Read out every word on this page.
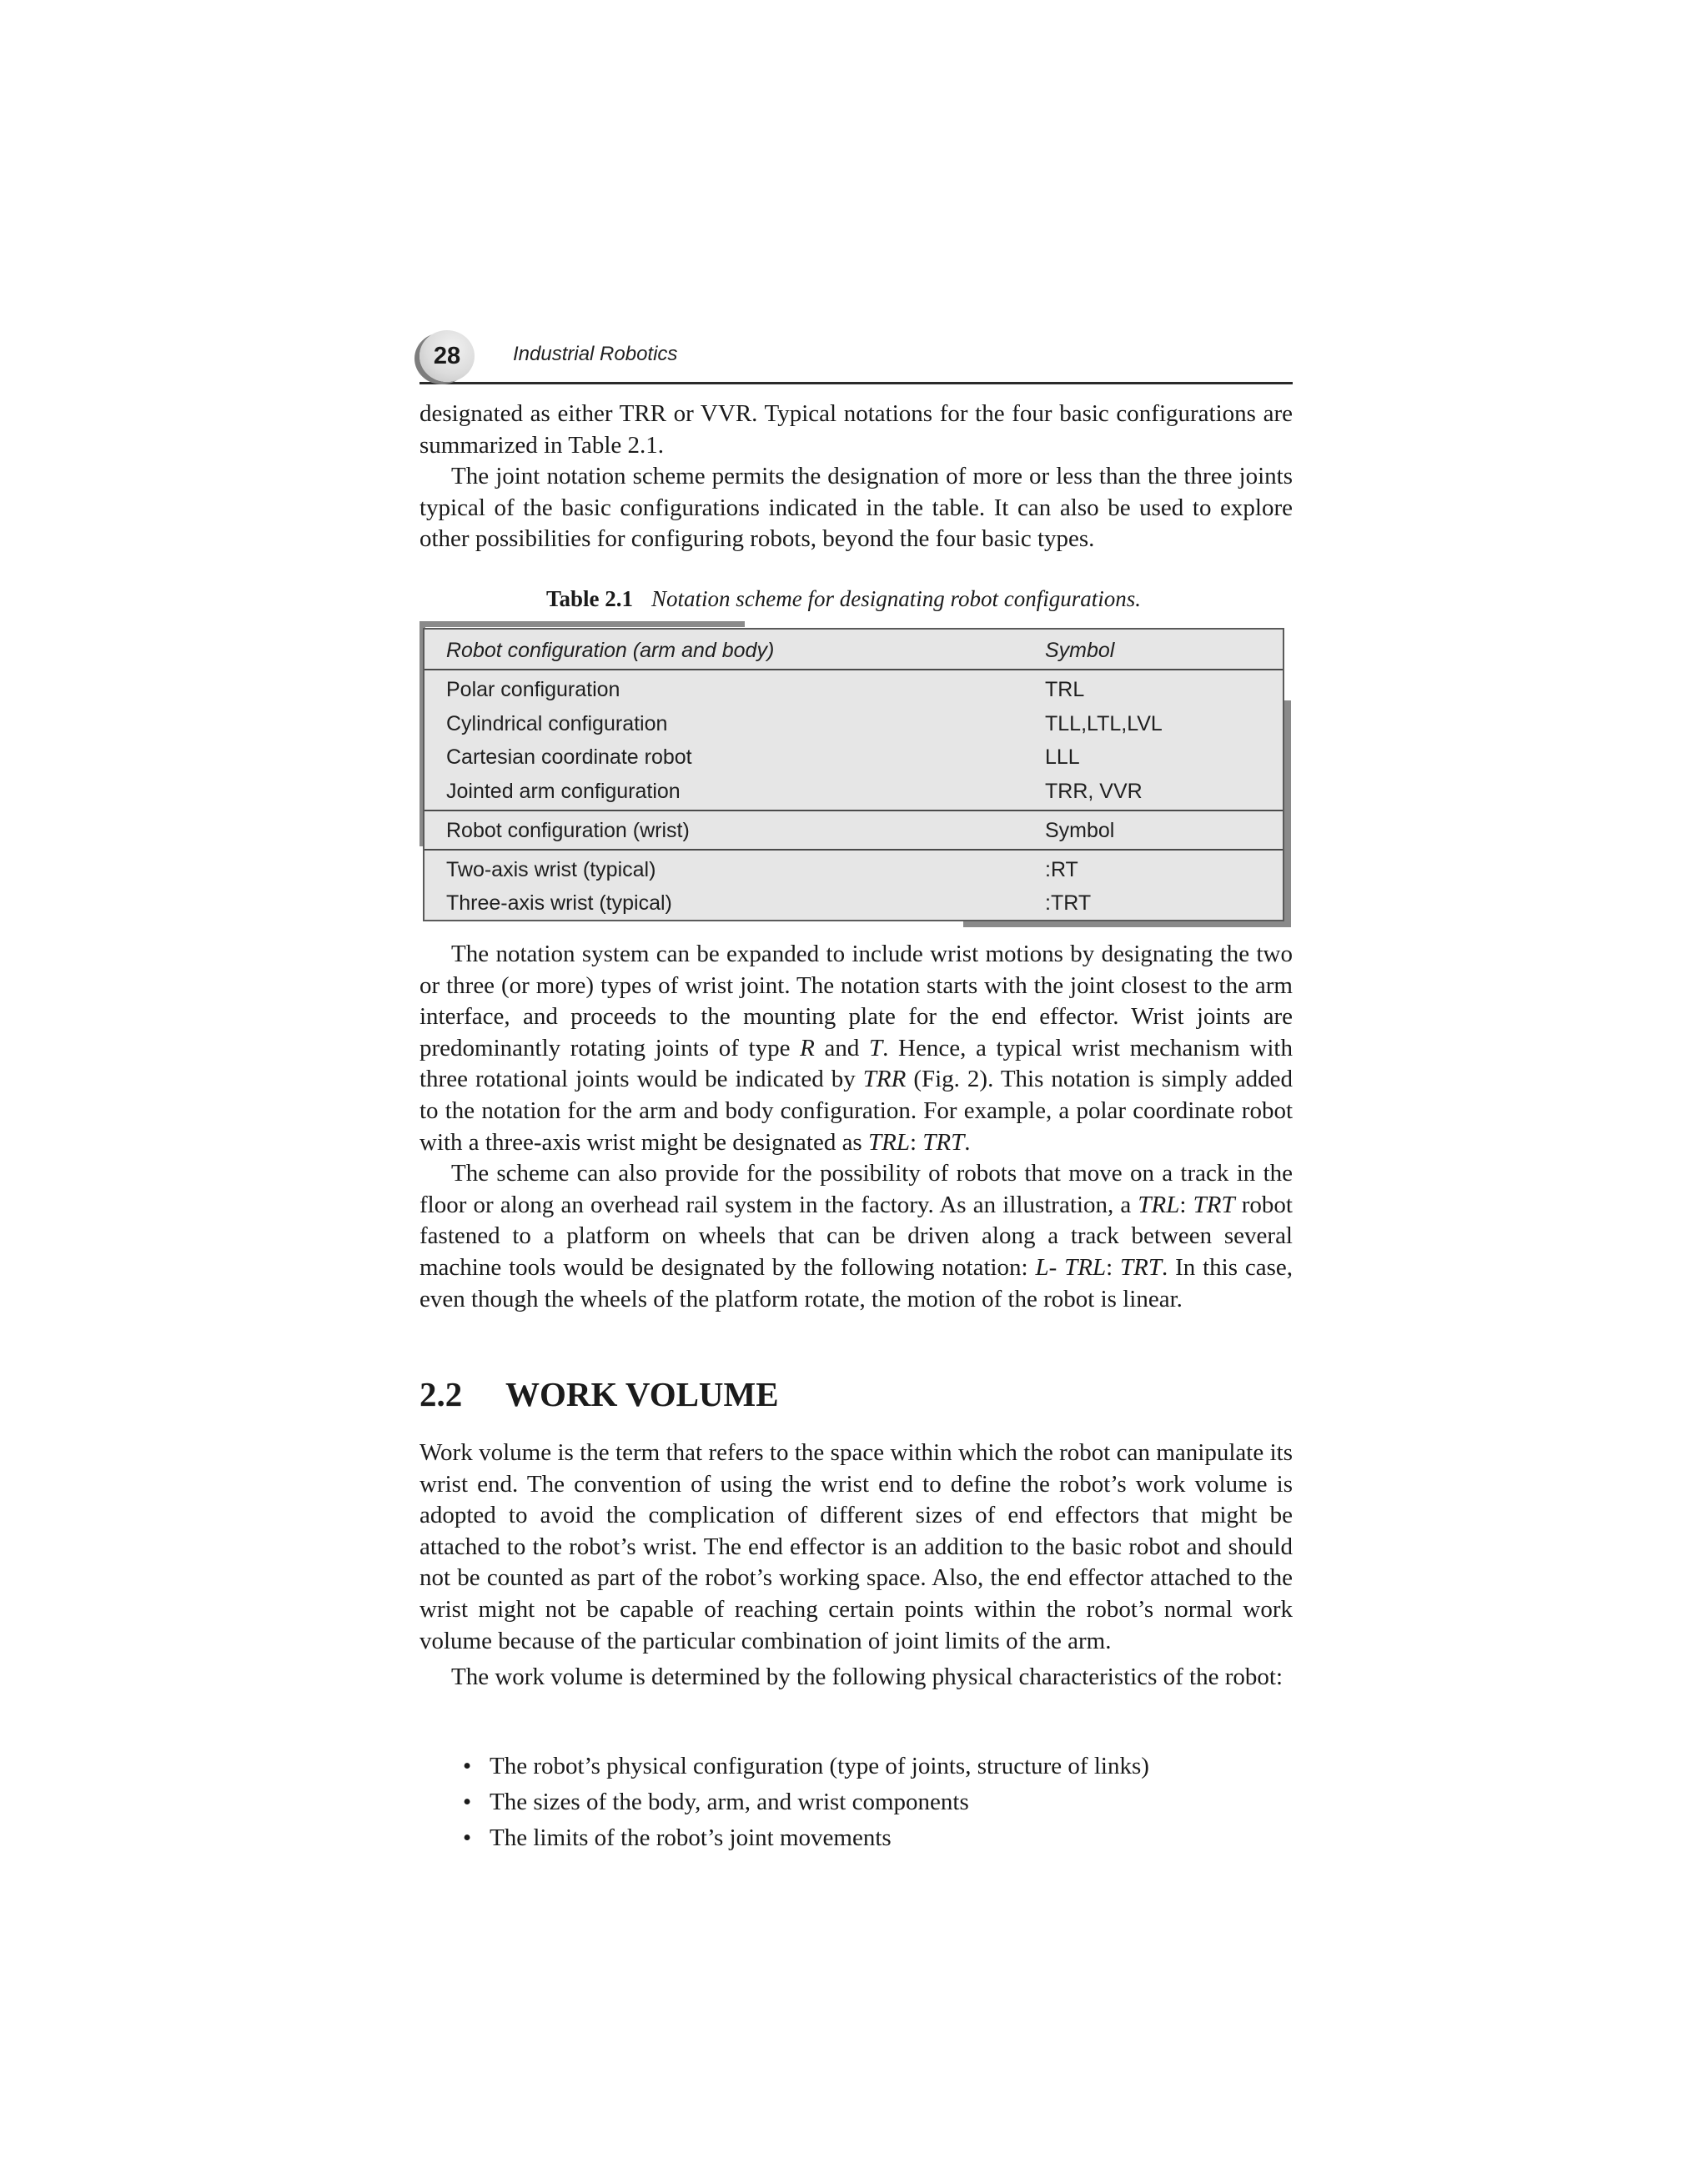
28	Industrial Robotics

designated as either TRR or VVR. Typical notations for the four basic configurations are summarized in Table 2.1.

The joint notation scheme permits the designation of more or less than the three joints typical of the basic configurations indicated in the table. It can also be used to explore other possibilities for configuring robots, beyond the four basic types.

Table 2.1 Notation scheme for designating robot configurations.
Robot configuration (arm and body)	Symbol
Polar configuration	TRL
Cylindrical configuration	TLL,LTL,LVL
Cartesian coordinate robot	LLL
Jointed arm configuration	TRR, VVR
Robot configuration (wrist)	Symbol
Two-axis wrist (typical)	:RT
Three-axis wrist (typical)	:TRT

The notation system can be expanded to include wrist motions by designating the two or three (or more) types of wrist joint. The notation starts with the joint closest to the arm interface, and proceeds to the mounting plate for the end effector. Wrist joints are predominantly rotating joints of type R and T. Hence, a typical wrist mechanism with three rotational joints would be indicated by TRR (Fig. 2). This notation is simply added to the notation for the arm and body configuration. For example, a polar coordinate robot with a three-axis wrist might be designated as TRL: TRT.

The scheme can also provide for the possibility of robots that move on a track in the floor or along an overhead rail system in the factory. As an illustration, a TRL: TRT robot fastened to a platform on wheels that can be driven along a track between several machine tools would be designated by the following notation: L- TRL: TRT. In this case, even though the wheels of the platform rotate, the motion of the robot is linear.

2.2 WORK VOLUME

Work volume is the term that refers to the space within which the robot can manipulate its wrist end. The convention of using the wrist end to define the robot’s work volume is adopted to avoid the complication of different sizes of end effectors that might be attached to the robot’s wrist. The end effector is an addition to the basic robot and should not be counted as part of the robot’s working space. Also, the end effector attached to the wrist might not be capable of reaching certain points within the robot’s normal work volume because of the particular combination of joint limits of the arm.

The work volume is determined by the following physical characteristics of the robot:

• The robot’s physical configuration (type of joints, structure of links)
• The sizes of the body, arm, and wrist components
• The limits of the robot’s joint movements
